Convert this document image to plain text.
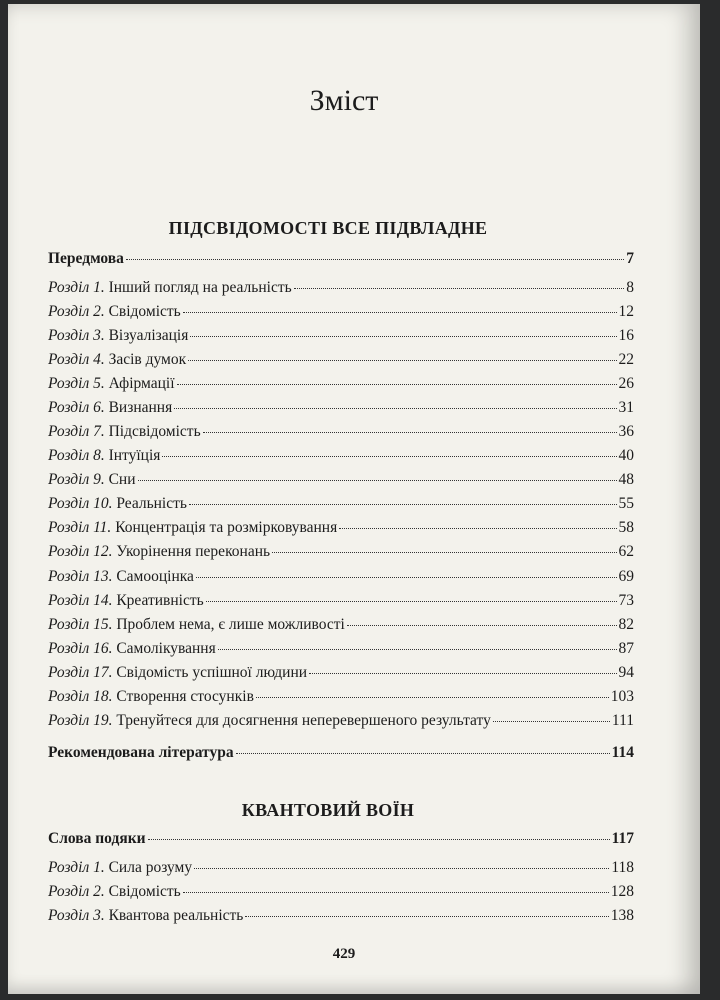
Зміст
ПІДСВІДОМОСТІ ВСЕ ПІДВЛАДНЕ
Передмова	7
Розділ 1. Інший погляд на реальність	8
Розділ 2. Свідомість	12
Розділ 3. Візуалізація	16
Розділ 4. Засів думок	22
Розділ 5. Афірмації	26
Розділ 6. Визнання	31
Розділ 7. Підсвідомість	36
Розділ 8. Інтуїція	40
Розділ 9. Сни	48
Розділ 10. Реальність	55
Розділ 11. Концентрація та розмірковування	58
Розділ 12. Укорінення переконань	62
Розділ 13. Самооцінка	69
Розділ 14. Креативність	73
Розділ 15. Проблем нема, є лише можливості	82
Розділ 16. Самолікування	87
Розділ 17. Свідомість успішної людини	94
Розділ 18. Створення стосунків	103
Розділ 19. Тренуйтеся для досягнення неперевершеного результату	111
Рекомендована література	114
КВАНТОВИЙ ВОЇН
Слова подяки	117
Розділ 1. Сила розуму	118
Розділ 2. Свідомість	128
Розділ 3. Квантова реальність	138
429
